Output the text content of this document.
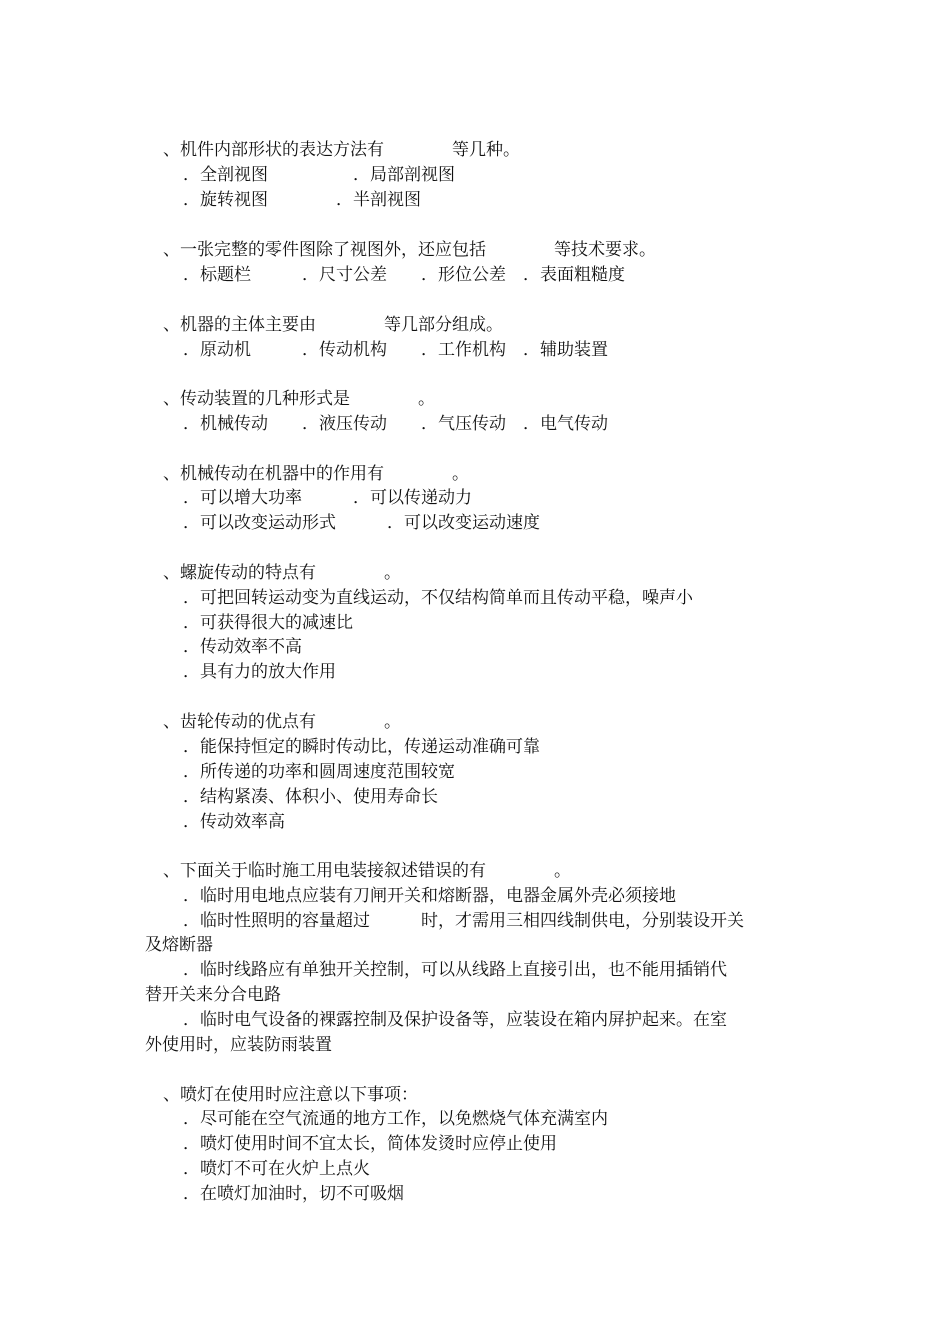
、机件内部形状的表达方法有　　　　等几种。
．全剖视图　　　　　．局部剖视图
．旋转视图　　　　．半剖视图
、一张完整的零件图除了视图外，还应包括　　　　等技术要求。
．标题栏　　　．尺寸公差　　．形位公差　．表面粗糙度
、机器的主体主要由　　　　等几部分组成。
．原动机　　　．传动机构　　．工作机构　．辅助装置
、传动装置的几种形式是　　　　。
．机械传动　　．液压传动　　．气压传动　．电气传动
、机械传动在机器中的作用有　　　　。
．可以增大功率　　　．可以传递动力
．可以改变运动形式　　　．可以改变运动速度
、螺旋传动的特点有　　　　。
．可把回转运动变为直线运动，不仅结构简单而且传动平稳，噪声小
．可获得很大的减速比
．传动效率不高
．具有力的放大作用
、齿轮传动的优点有　　　　。
．能保持恒定的瞬时传动比，传递运动准确可靠
．所传递的功率和圆周速度范围较宽
．结构紧凑、体积小、使用寿命长
．传动效率高
、下面关于临时施工用电装接叙述错误的有　　　　。
．临时用电地点应装有刀闸开关和熔断器，电器金属外壳必须接地
．临时性照明的容量超过　　　时，才需用三相四线制供电，分别装设开关
及熔断器
．临时线路应有单独开关控制，可以从线路上直接引出，也不能用插销代
替开关来分合电路
．临时电气设备的裸露控制及保护设备等，应装设在箱内屏护起来。在室
外使用时，应装防雨装置
、喷灯在使用时应注意以下事项：
．尽可能在空气流通的地方工作，以免燃烧气体充满室内
．喷灯使用时间不宜太长，简体发烫时应停止使用
．喷灯不可在火炉上点火
．在喷灯加油时，切不可吸烟
